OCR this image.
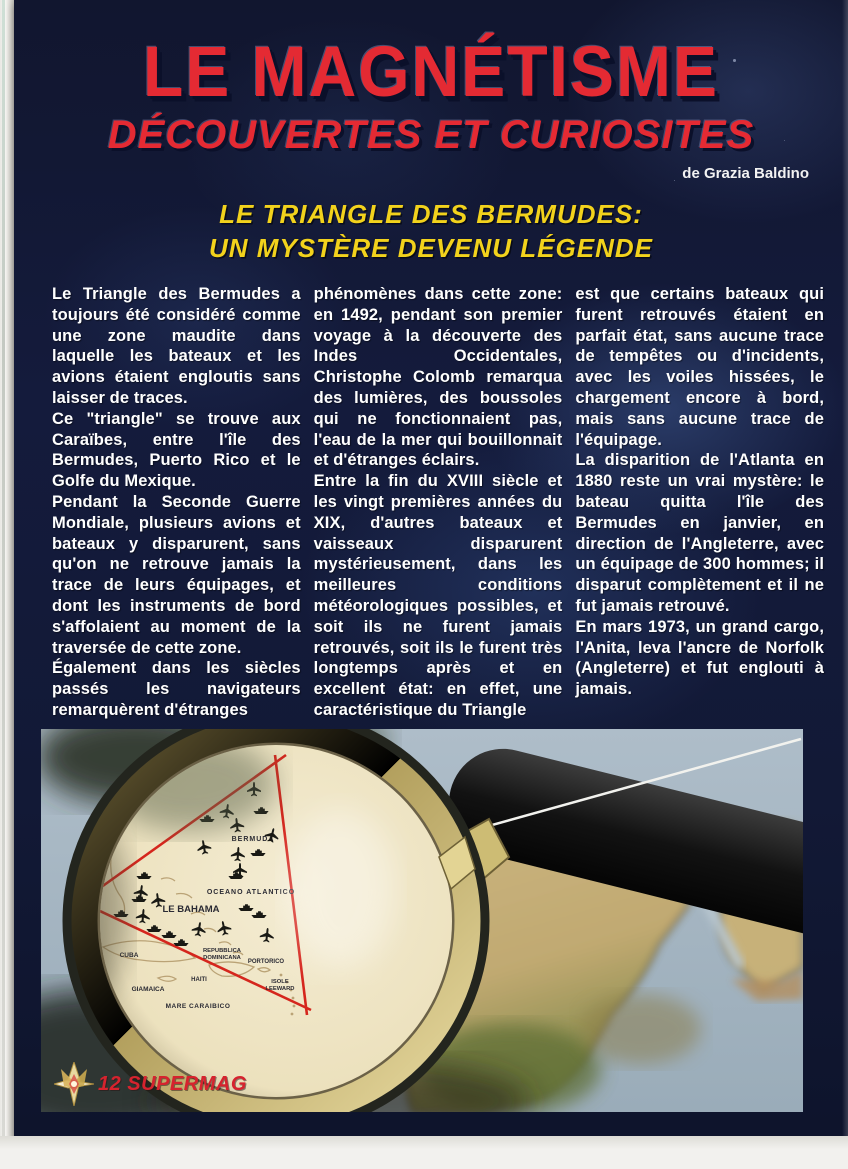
LE MAGNÉTISME
DÉCOUVERTES ET CURIOSITES
de Grazia Baldino
LE TRIANGLE DES BERMUDES:
UN MYSTÈRE DEVENU LÉGENDE

Le Triangle des Bermudes a toujours été considéré comme une zone maudite dans laquelle les bateaux et les avions étaient engloutis sans laisser de traces.

Ce "triangle" se trouve aux Caraïbes, entre l'île des Bermudes, Puerto Rico et le Golfe du Mexique.

Pendant la Seconde Guerre Mondiale, plusieurs avions et bateaux y disparurent, sans qu'on ne retrouve jamais la trace de leurs équipages, et dont les instruments de bord s'affolaient au moment de la traversée de cette zone.

Également dans les siècles passés les navigateurs remarquèrent d'étranges

phénomènes dans cette zone: en 1492, pendant son premier voyage à la découverte des Indes Occidentales, Christophe Colomb remarqua des lumières, des boussoles qui ne fonctionnaient pas, l'eau de la mer qui bouillonnait et d'étranges éclairs.

Entre la fin du XVIII siècle et les vingt premières années du XIX, d'autres bateaux et vaisseaux disparurent mystérieusement, dans les meilleures conditions météorologiques possibles, et soit ils ne furent jamais retrouvés, soit ils le furent très longtemps après et en excellent état: en effet, une caractéristique du Triangle

est que certains bateaux qui furent retrouvés étaient en parfait état, sans aucune trace de tempêtes ou d'incidents, avec les voiles hissées, le chargement encore à bord, mais sans aucune trace de l'équipage.

La disparition de l'Atlanta en 1880 reste un vrai mystère: le bateau quitta l'île des Bermudes en janvier, en direction de l'Angleterre, avec un équipage de 300 hommes; il disparut complètement et il ne fut jamais retrouvé.

En mars 1973, un grand cargo, l'Anita, leva l'ancre de Norfolk (Angleterre) et fut englouti à jamais.

12 SUPERMAG
